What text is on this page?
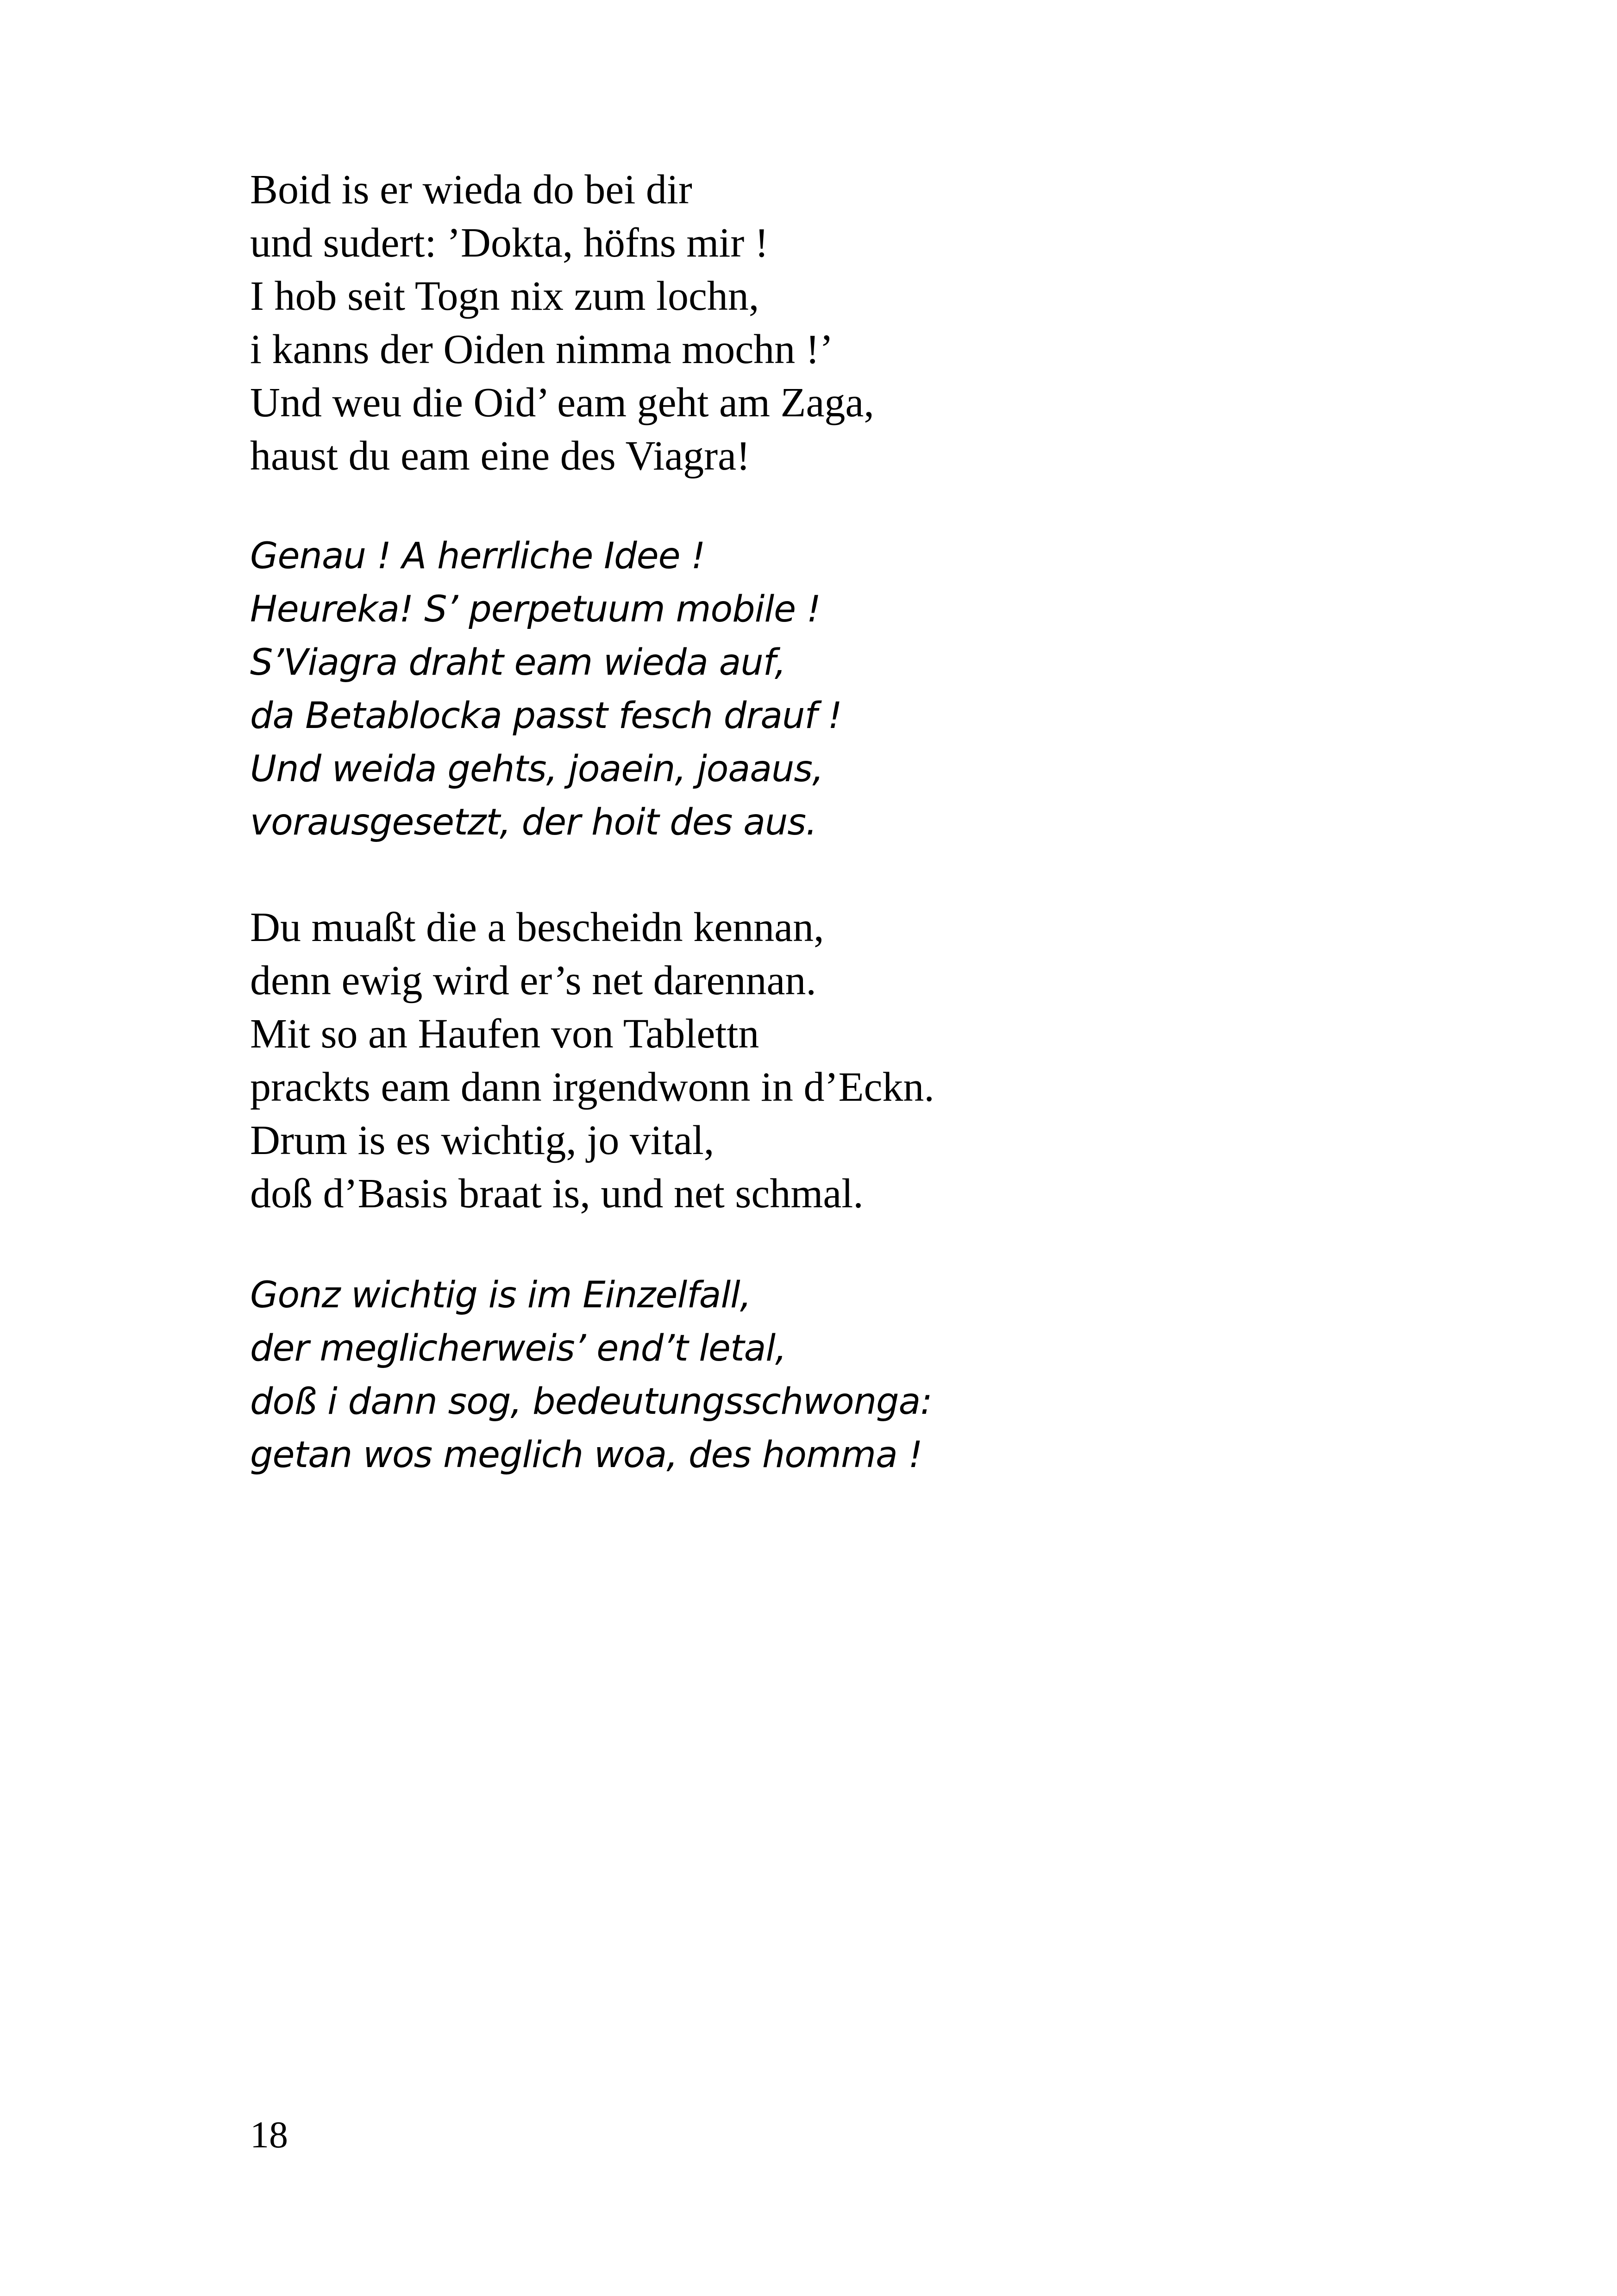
Boid is er wieda do bei dir
und sudert: ’Dokta, höfns mir !
I hob seit Togn nix zum lochn,
i kanns der Oiden nimma mochn !’
Und weu die Oid’ eam geht am Zaga,
haust du eam eine des Viagra!
Genau ! A herrliche Idee !
Heureka! S’ perpetuum mobile !
S’Viagra draht eam wieda auf,
da Betablocka passt fesch drauf !
Und weida gehts, joaein, joaaus,
vorausgesetzt, der hoit des aus.
Du muaßt die a bescheidn kennan,
denn ewig wird er’s net darennan.
Mit so an Haufen von Tablettn
prackts eam dann irgendwonn in d’Eckn.
Drum is es wichtig, jo vital,
doß d’Basis braat is, und net schmal.
Gonz wichtig is im Einzelfall,
der meglicherweis’ end’t letal,
doß i dann sog, bedeutungsschwonga:
getan wos meglich woa, des homma !
18
